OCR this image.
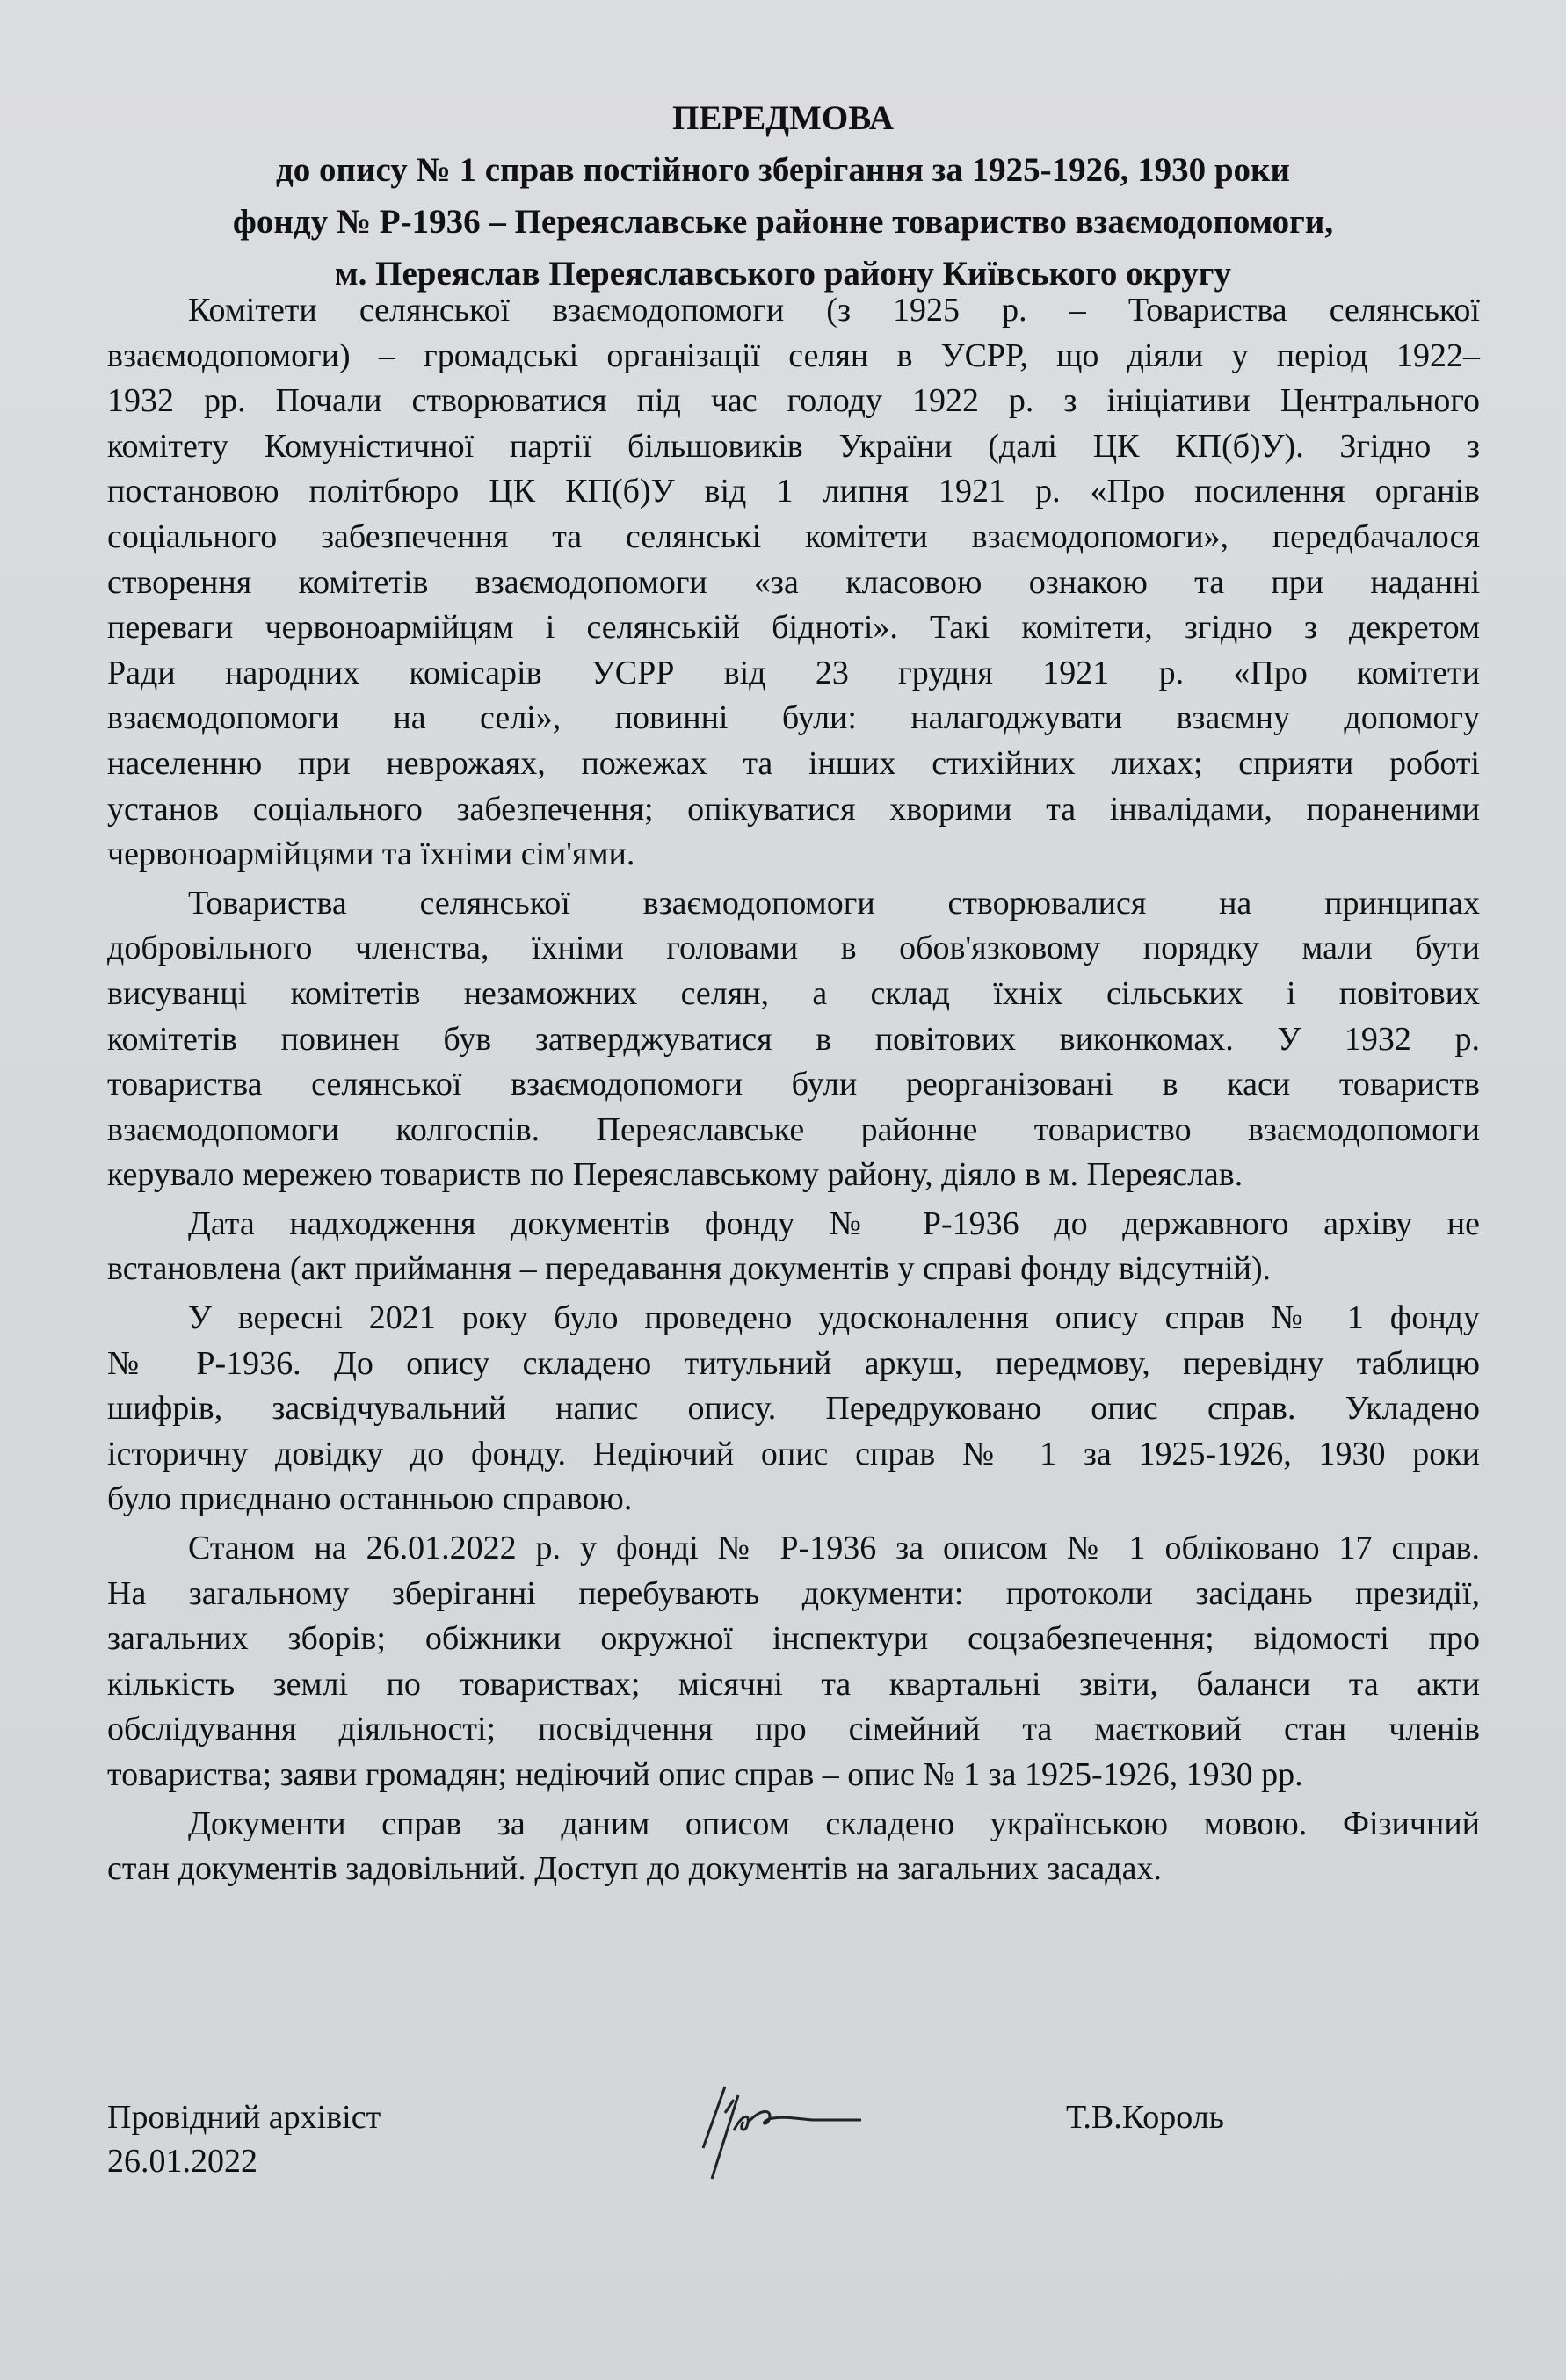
ПЕРЕДМОВА
до опису № 1 справ постійного зберігання за 1925-1926, 1930 роки
фонду № Р-1936 – Переяславське районне товариство взаємодопомоги,
м. Переяслав Переяславського району Київського округу
Комітети селянської взаємодопомоги (з 1925 р. – Товариства селянської
взаємодопомоги) – громадські організації селян в УСРР, що діяли у період 1922–
1932 рр. Почали створюватися під час голоду 1922 р. з ініціативи Центрального
комітету Комуністичної партії більшовиків України (далі ЦК КП(б)У). Згідно з
постановою політбюро ЦК КП(б)У від 1 липня 1921 р. «Про посилення органів
соціального забезпечення та селянські комітети взаємодопомоги», передбачалося
створення комітетів взаємодопомоги «за класовою ознакою та при наданні
переваги червоноармійцям і селянській бідноті». Такі комітети, згідно з декретом
Ради народних комісарів УСРР від 23 грудня 1921 р. «Про комітети
взаємодопомоги на селі», повинні були: налагоджувати взаємну допомогу
населенню при неврожаях, пожежах та інших стихійних лихах; сприяти роботі
установ соціального забезпечення; опікуватися хворими та інвалідами, пораненими
червоноармійцями та їхніми сім'ями.
Товариства селянської взаємодопомоги створювалися на принципах
добровільного членства, їхніми головами в обов'язковому порядку мали бути
висуванці комітетів незаможних селян, а склад їхніх сільських і повітових
комітетів повинен був затверджуватися в повітових виконкомах. У 1932 р.
товариства селянської взаємодопомоги були реорганізовані в каси товариств
взаємодопомоги колгоспів. Переяславське районне товариство взаємодопомоги
керувало мережею товариств по Переяславському району, діяло в м. Переяслав.
Дата надходження документів фонду № Р-1936 до державного архіву не
встановлена (акт приймання – передавання документів у справі фонду відсутній).
У вересні 2021 року було проведено удосконалення опису справ № 1 фонду
№ Р-1936. До опису складено титульний аркуш, передмову, перевідну таблицю
шифрів, засвідчувальний напис опису. Передруковано опис справ. Укладено
історичну довідку до фонду. Недіючий опис справ № 1 за 1925-1926, 1930 роки
було приєднано останньою справою.
Станом на 26.01.2022 р. у фонді № Р-1936 за описом № 1 обліковано 17 справ.
На загальному зберіганні перебувають документи: протоколи засідань президії,
загальних зборів; обіжники окружної інспектури соцзабезпечення; відомості про
кількість землі по товариствах; місячні та квартальні звіти, баланси та акти
обслідування діяльності; посвідчення про сімейний та маєтковий стан членів
товариства; заяви громадян; недіючий опис справ – опис № 1 за 1925-1926, 1930 рр.
Документи справ за даним описом складено українською мовою. Фізичний
стан документів задовільний. Доступ до документів на загальних засадах.
Провідний архівіст
26.01.2022
Т.В.Король
